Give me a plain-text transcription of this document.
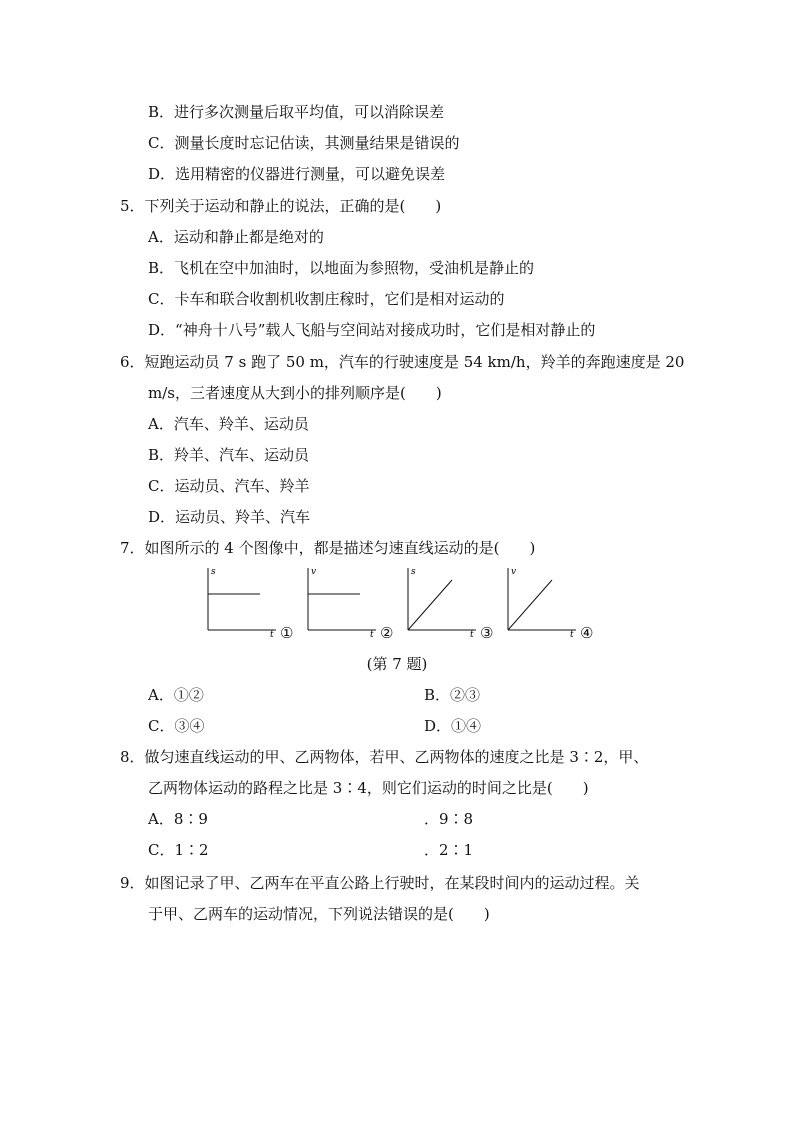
B．进行多次测量后取平均值，可以消除误差
C．测量长度时忘记估读，其测量结果是错误的
D．选用精密的仪器进行测量，可以避免误差
5．下列关于运动和静止的说法，正确的是(　　)
A．运动和静止都是绝对的
B．飞机在空中加油时，以地面为参照物，受油机是静止的
C．卡车和联合收割机收割庄稼时，它们是相对运动的
D．“神舟十八号”载人飞船与空间站对接成功时，它们是相对静止的
6．短跑运动员 7 s 跑了 50 m，汽车的行驶速度是 54 km/h，羚羊的奔跑速度是 20
m/s，三者速度从大到小的排列顺序是(　　)
A．汽车、羚羊、运动员
B．羚羊、汽车、运动员
C．运动员、汽车、羚羊
D．运动员、羚羊、汽车
7．如图所示的 4 个图像中，都是描述匀速直线运动的是(　　)
s
t ①
v
t ②
s
t ③
v
t ④
(第 7 题)
A．①②	B．②③
C．③④	D．①④
8．做匀速直线运动的甲、乙两物体，若甲、乙两物体的速度之比是 3∶2，甲、
乙两物体运动的路程之比是 3∶4，则它们运动的时间之比是(　　)
A．8∶9	．9∶8
C．1∶2	．2∶1
9．如图记录了甲、乙两车在平直公路上行驶时，在某段时间内的运动过程。关
于甲、乙两车的运动情况，下列说法错误的是(　　)
